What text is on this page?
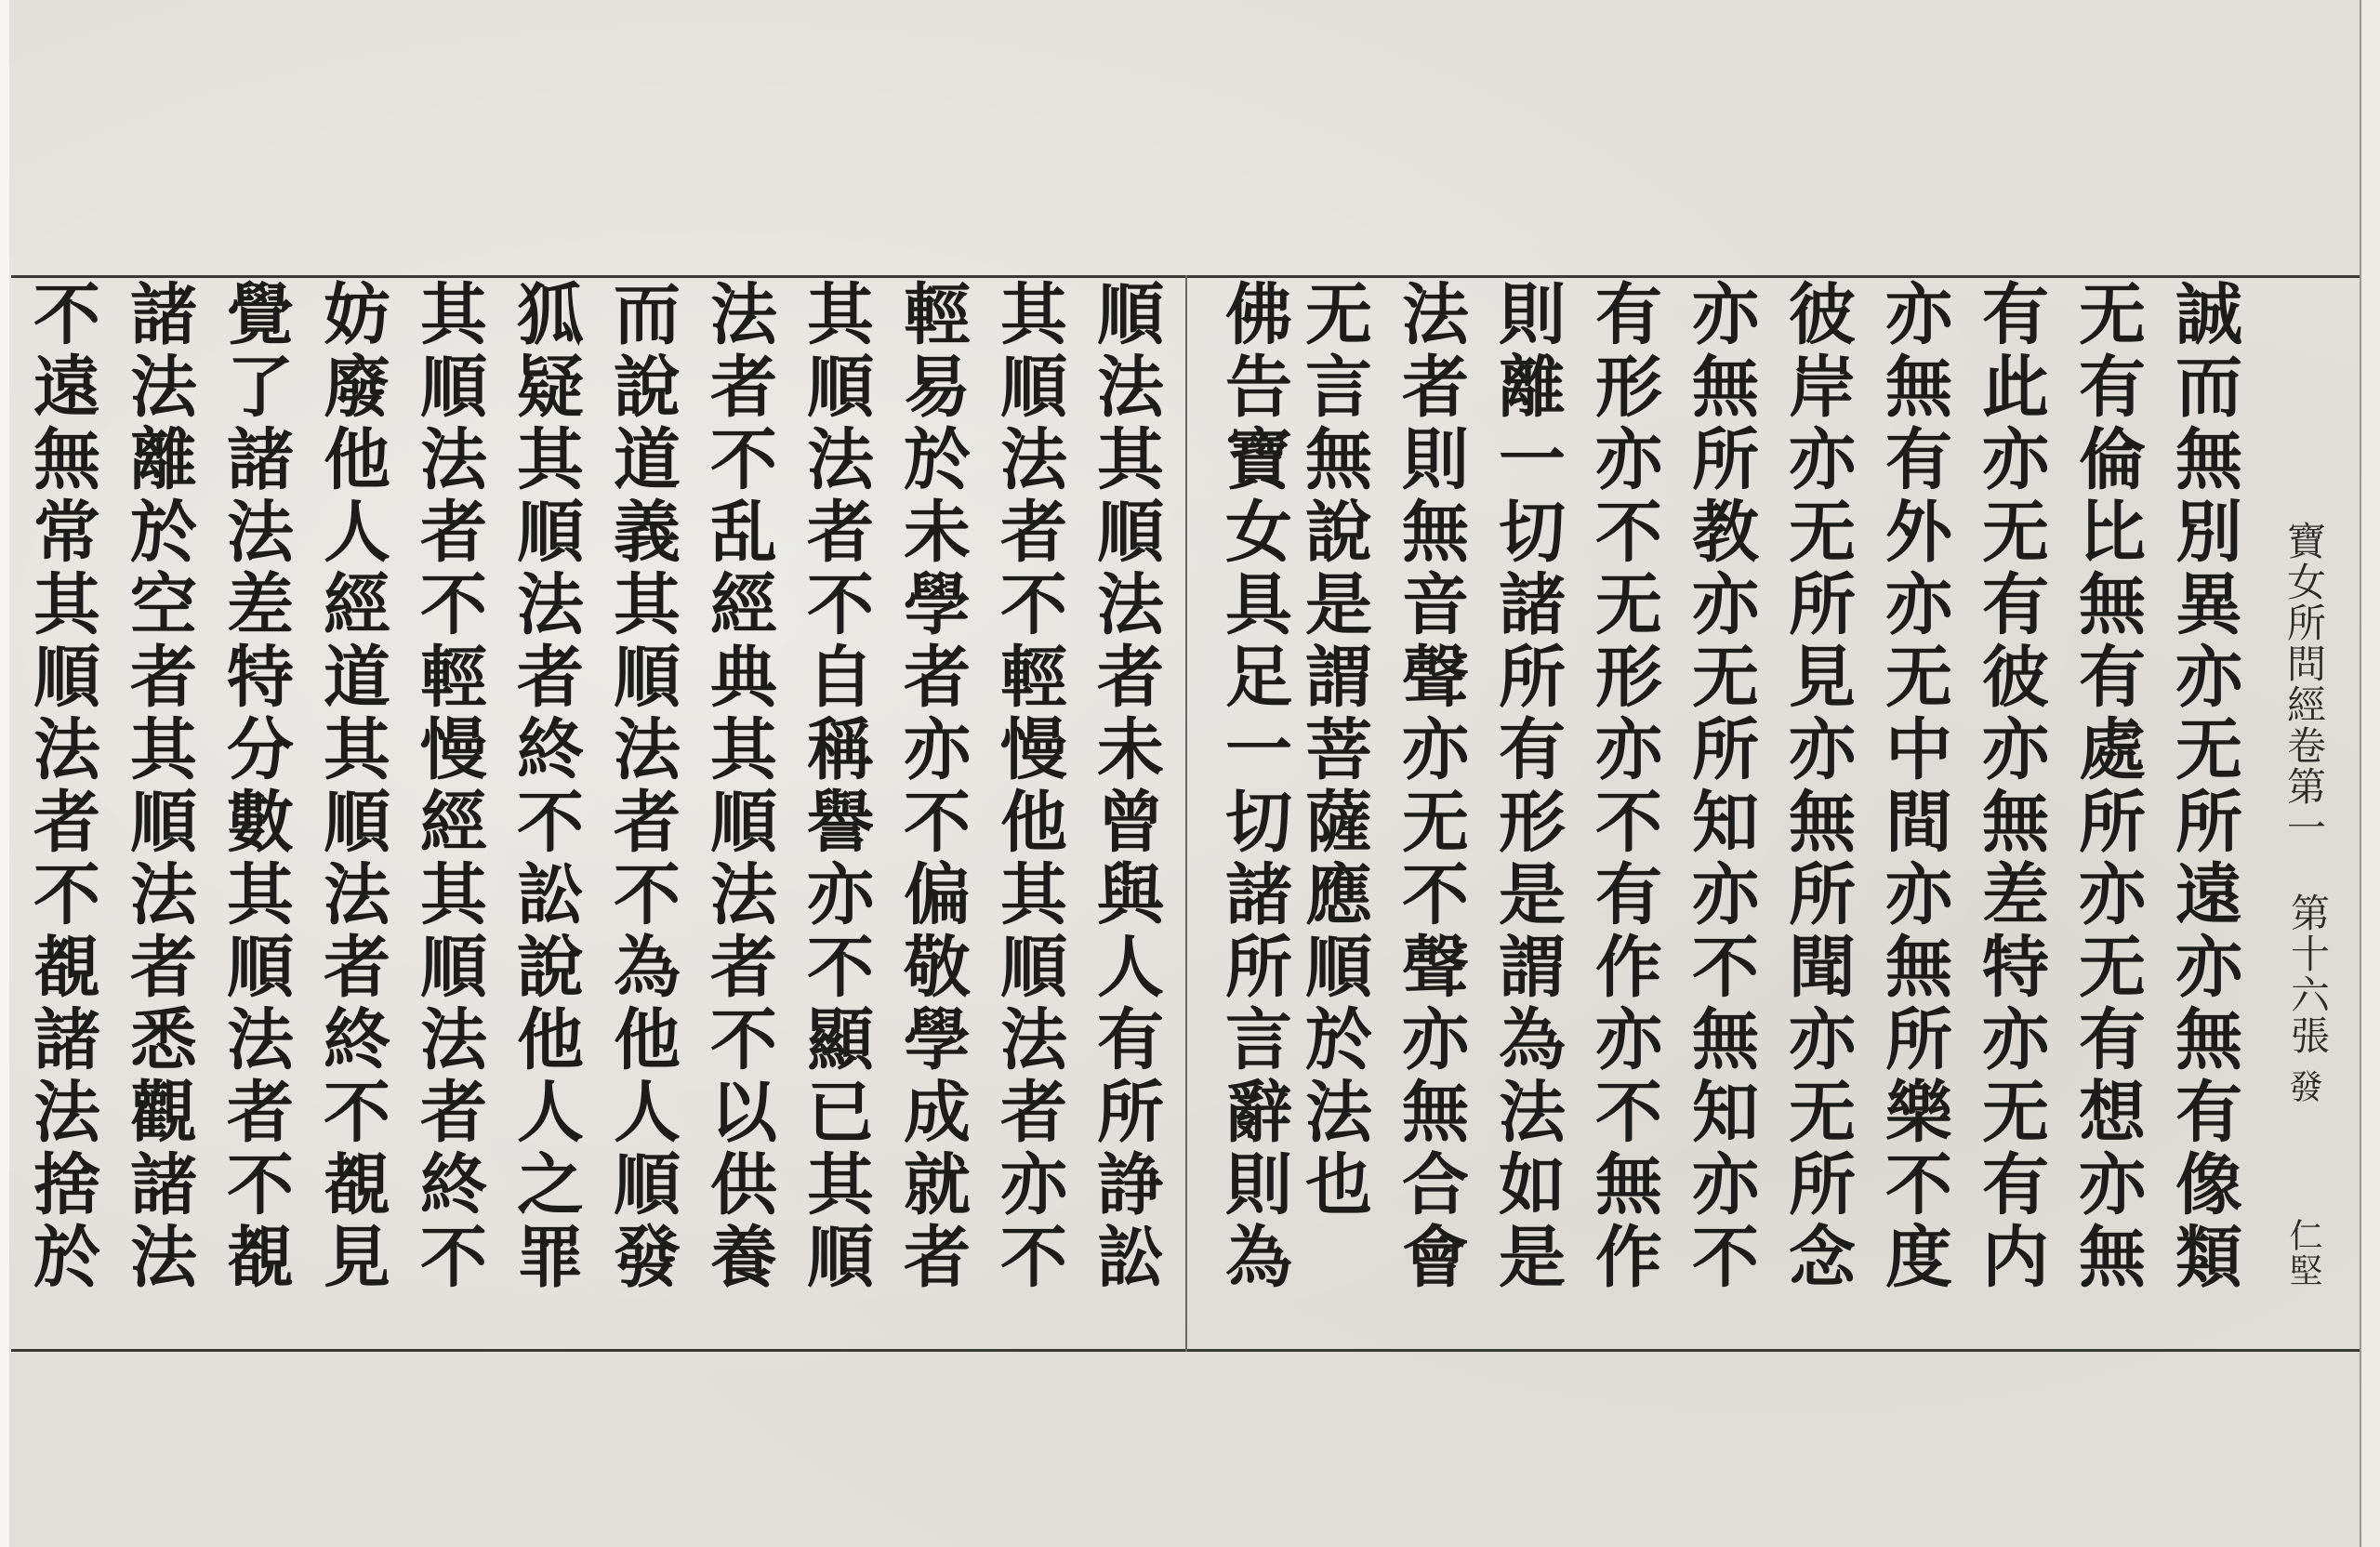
誠而無別異亦无所遠亦無有像類
无有倫比無有處所亦无有想亦無
有此亦无有彼亦無差特亦无有内
亦無有外亦无中間亦無所樂不度
彼岸亦无所見亦無所聞亦无所念
亦無所教亦无所知亦不無知亦不
有形亦不无形亦不有作亦不無作
則離一切諸所有形是謂為法如是
法者則無音聲亦无不聲亦無合會
无言無說是謂菩薩應順於法也
佛告寶女具足一切諸所言辭則為
順法其順法者未曾與人有所諍訟
其順法者不輕慢他其順法者亦不
輕易於未學者亦不偏敬學成就者
其順法者不自稱譽亦不顯已其順
法者不乱經典其順法者不以供養
而說道義其順法者不為他人順發
狐疑其順法者終不訟說他人之罪
其順法者不輕慢經其順法者終不
妨廢他人經道其順法者終不覩見
覺了諸法差特分數其順法者不覩
諸法離於空者其順法者悉觀諸法
不遠無常其順法者不覩諸法捨於	寶女所問經卷第一
第十六張
發
仁堅
